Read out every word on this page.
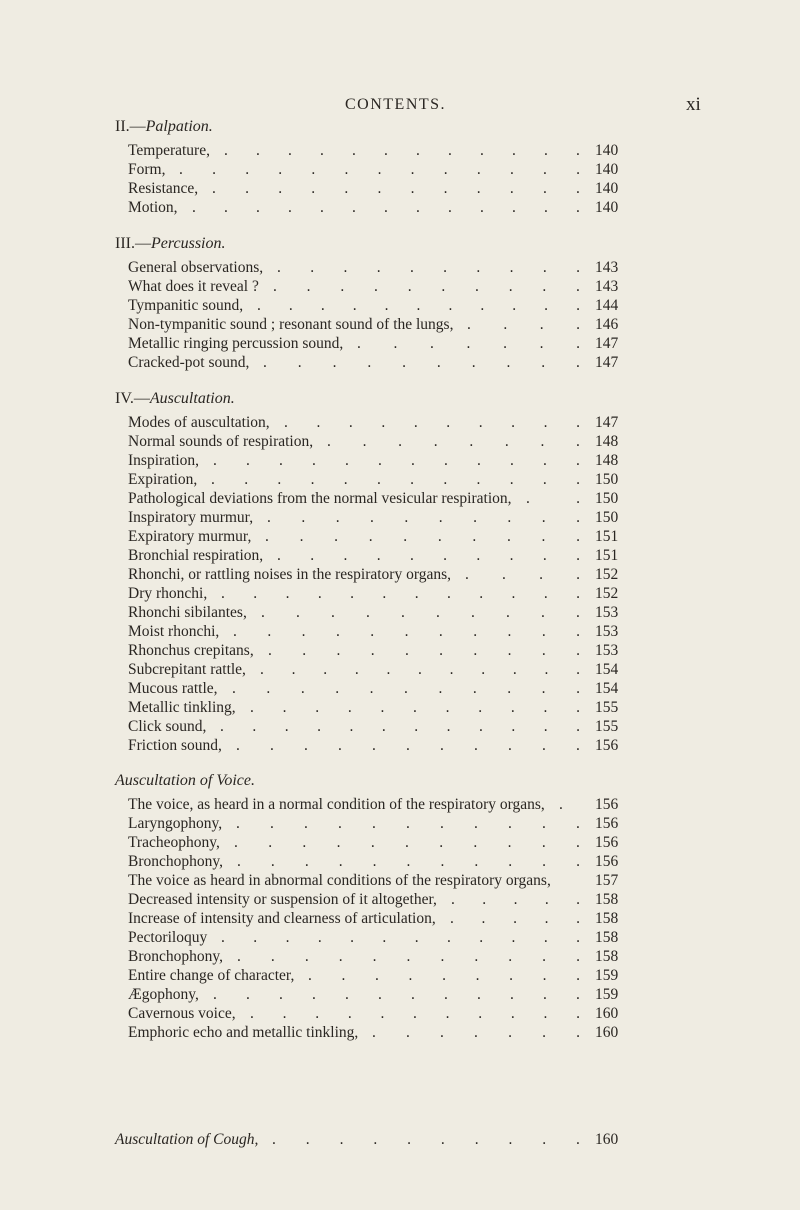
CONTENTS.	xi
II.—Palpation.
Temperature, . . . . . . . . . . . . 140
Form, . . . . . . . . . . . . . 140
Resistance, . . . . . . . . . . . . 140
Motion, . . . . . . . . . . . . . 140
III.—Percussion.
General observations, . . . . . . . . . . 143
What does it reveal ? . . . . . . . . . . 143
Tympanitic sound, . . . . . . . . . . . 144
Non-tympanitic sound ; resonant sound of the lungs, . . . . 146
Metallic ringing percussion sound, . . . . . . . 147
Cracked-pot sound, . . . . . . . . . . 147
IV.—Auscultation.
Modes of auscultation, . . . . . . . . . . 147
Normal sounds of respiration, . . . . . . . . 148
Inspiration, . . . . . . . . . . . . 148
Expiration, . . . . . . . . . . . . 150
Pathological deviations from the normal vesicular respiration, .	. 150
Inspiratory murmur, . . . . . . . . . . 150
Expiratory murmur, . . . . . . . . . . 151
Bronchial respiration, . . . . . . . . . . 151
Rhonchi, or rattling noises in the respiratory organs, . . . . 152
Dry rhonchi, . . . . . . . . . . . . 152
Rhonchi sibilantes, . . . . . . . . . . 153
Moist rhonchi, . . . . . . . . . . . 153
Rhonchus crepitans, . . . . . . . . . . 153
Subcrepitant rattle, . . . . . . . . . . . 154
Mucous rattle, . . . . . . . . . . . 154
Metallic tinkling, . . . . . . . . . . . 155
Click sound, . . . . . . . . . . . . 155
Friction sound, . . . . . . . . . . . 156
Auscultation of Voice.
The voice, as heard in a normal condition of the respiratory organs, . 156
Laryngophony, . . . . . . . . . . . 156
Tracheophony, . . . . . . . . . . . 156
Bronchophony, . . . . . . . . . . . 156
The voice as heard in abnormal conditions of the respiratory organs,	157
Decreased intensity or suspension of it altogether, . . . . . 158
Increase of intensity and clearness of articulation, . . . . . 158
Pectoriloquy . . . . . . . . . . . . 158
Bronchophony, . . . . . . . . . . . 158
Entire change of character, . . . . . . . . . 159
Ægophony, . . . . . . . . . . . . 159
Cavernous voice, . . . . . . . . . . . 160
Emphoric echo and metallic tinkling, . . . . . . . 160
Auscultation of Cough, . . . . . . . . . . 160
